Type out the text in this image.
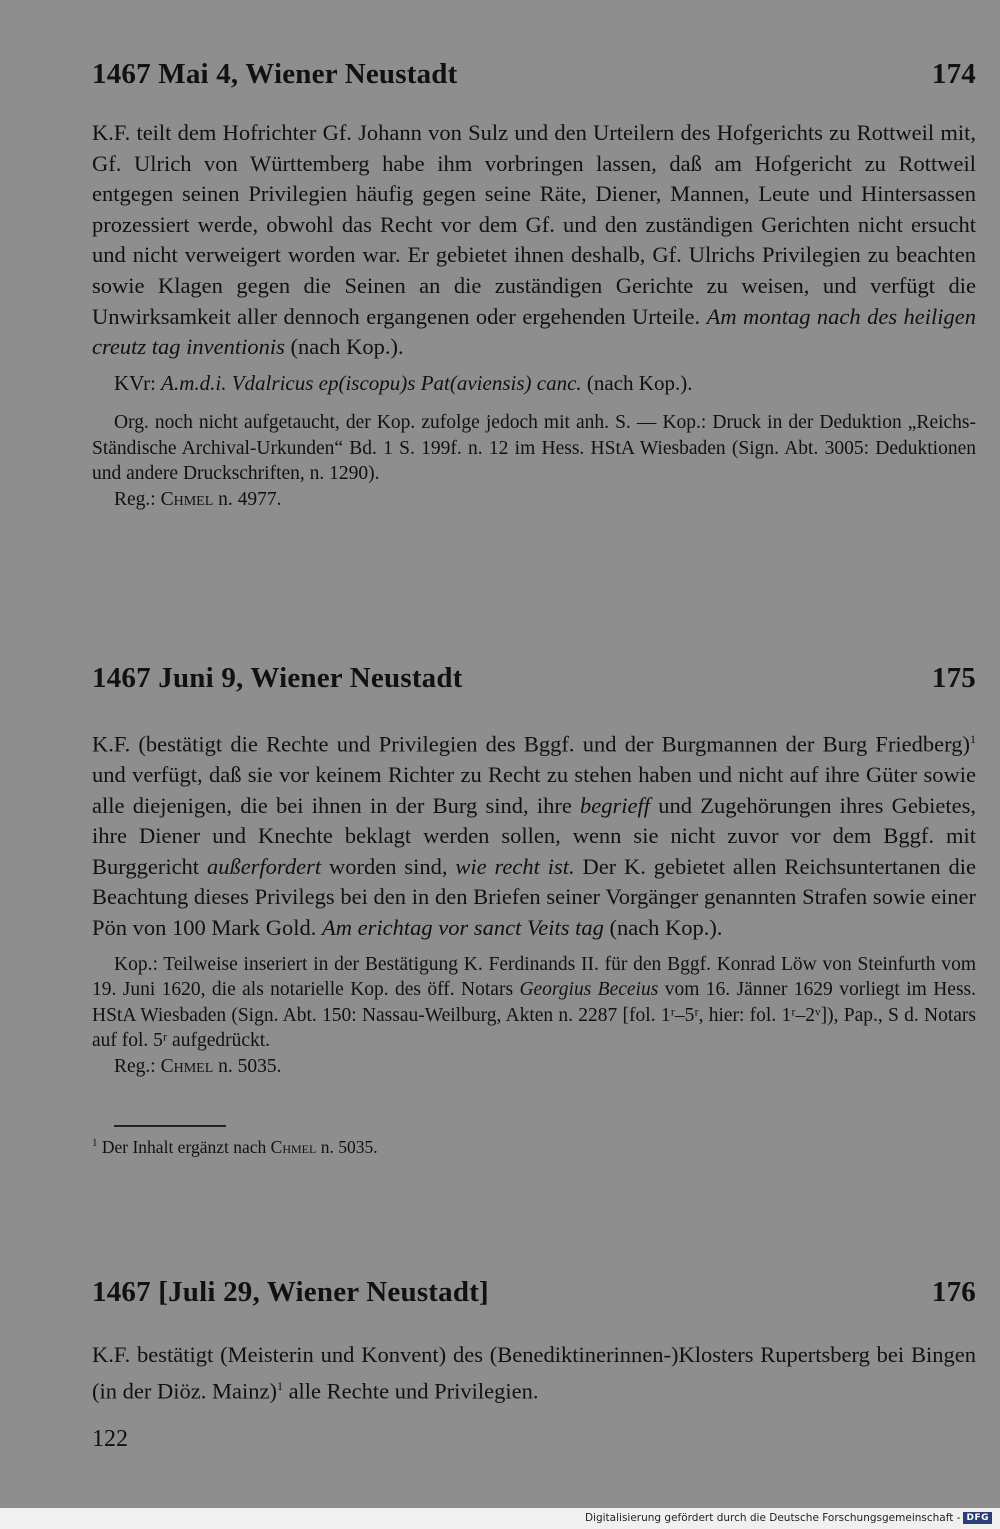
1467 Mai 4, Wiener Neustadt	174

K.F. teilt dem Hofrichter Gf. Johann von Sulz und den Urteilern des Hofgerichts zu Rottweil mit, Gf. Ulrich von Württemberg habe ihm vorbringen lassen, daß am Hofgericht zu Rottweil entgegen seinen Privilegien häufig gegen seine Räte, Diener, Mannen, Leute und Hintersassen prozessiert werde, obwohl das Recht vor dem Gf. und den zuständigen Gerichten nicht ersucht und nicht verweigert worden war. Er gebietet ihnen deshalb, Gf. Ulrichs Privilegien zu beachten sowie Klagen gegen die Seinen an die zuständigen Gerichte zu weisen, und verfügt die Unwirksamkeit aller dennoch ergangenen oder ergehenden Urteile. Am montag nach des heiligen creutz tag inventionis (nach Kop.).

KVr: A.m.d.i. Vdalricus ep(iscopu)s Pat(aviensis) canc. (nach Kop.).

Org. noch nicht aufgetaucht, der Kop. zufolge jedoch mit anh. S. — Kop.: Druck in der Deduktion „Reichs-Ständische Archival-Urkunden“ Bd. 1 S. 199f. n. 12 im Hess. HStA Wiesbaden (Sign. Abt. 3005: Deduktionen und andere Druckschriften, n. 1290).

Reg.: Chmel n. 4977.

1467 Juni 9, Wiener Neustadt	175

K.F. (bestätigt die Rechte und Privilegien des Bggf. und der Burgmannen der Burg Friedberg)$^1$ und verfügt, daß sie vor keinem Richter zu Recht zu stehen haben und nicht auf ihre Güter sowie alle diejenigen, die bei ihnen in der Burg sind, ihre begrieff und Zugehörungen ihres Gebietes, ihre Diener und Knechte beklagt werden sollen, wenn sie nicht zuvor vor dem Bggf. mit Burggericht außerfordert worden sind, wie recht ist. Der K. gebietet allen Reichsuntertanen die Beachtung dieses Privilegs bei den in den Briefen seiner Vorgänger genannten Strafen sowie einer Pön von 100 Mark Gold. Am erichtag vor sanct Veits tag (nach Kop.).

Kop.: Teilweise inseriert in der Bestätigung K. Ferdinands II. für den Bggf. Konrad Löw von Steinfurth vom 19. Juni 1620, die als notarielle Kop. des öff. Notars Georgius Beceius vom 16. Jänner 1629 vorliegt im Hess. HStA Wiesbaden (Sign. Abt. 150: Nassau-Weilburg, Akten n. 2287 [fol. 1ʳ–5ʳ, hier: fol. 1ʳ–2ᵛ]), Pap., S d. Notars auf fol. 5ʳ aufgedrückt.

Reg.: Chmel n. 5035.

$^1$ Der Inhalt ergänzt nach Chmel n. 5035.
1467 [Juli 29, Wiener Neustadt]	176

K.F. bestätigt (Meisterin und Konvent) des (Benediktinerinnen-)Klosters Rupertsberg bei Bingen (in der Diöz. Mainz)$^1$ alle Rechte und Privilegien.

122
Digitalisierung gefördert durch die Deutsche Forschungsgemeinschaft - DFG
